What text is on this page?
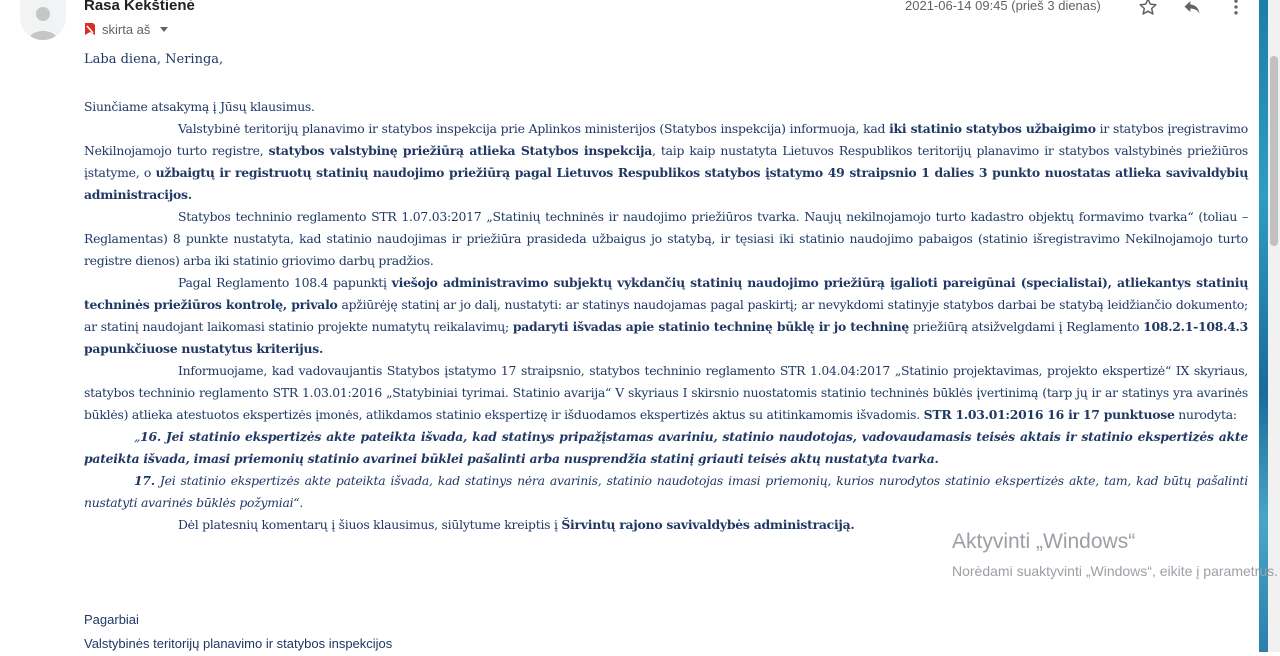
Rasa Kekštienė
skirta aš
2021-06-14 09:45 (prieš 3 dienas)
Laba diena, Neringa,

Siunčiame atsakymą į Jūsų klausimus.

Valstybinė teritorijų planavimo ir statybos inspekcija prie Aplinkos ministerijos (Statybos inspekcija) informuoja, kad iki statinio statybos užbaigimo ir statybos įregistravimo Nekilnojamojo turto registre, statybos valstybinę priežiūrą atlieka Statybos inspekcija, taip kaip nustatyta Lietuvos Respublikos teritorijų planavimo ir statybos valstybinės priežiūros įstatyme, o užbaigtų ir registruotų statinių naudojimo priežiūrą pagal Lietuvos Respublikos statybos įstatymo 49 straipsnio 1 dalies 3 punkto nuostatas atlieka savivaldybių administracijos.

Statybos techninio reglamento STR 1.07.03:2017 „Statinių techninės ir naudojimo priežiūros tvarka. Naujų nekilnojamojo turto kadastro objektų formavimo tvarka“ (toliau – Reglamentas) 8 punkte nustatyta, kad statinio naudojimas ir priežiūra prasideda užbaigus jo statybą, ir tęsiasi iki statinio naudojimo pabaigos (statinio išregistravimo Nekilnojamojo turto registre dienos) arba iki statinio griovimo darbų pradžios.

Pagal Reglamento 108.4 papunktį viešojo administravimo subjektų vykdančių statinių naudojimo priežiūrą įgalioti pareigūnai (specialistai), atliekantys statinių techninės priežiūros kontrolę, privalo apžiūrėję statinį ar jo dalį, nustatyti: ar statinys naudojamas pagal paskirtį; ar nevykdomi statinyje statybos darbai be statybą leidžiančio dokumento; ar statinį naudojant laikomasi statinio projekte numatytų reikalavimų; padaryti išvadas apie statinio techninę būklę ir jo techninę priežiūrą atsižvelgdami į Reglamento 108.2.1-108.4.3 papunkčiuose nustatytus kriterijus.

Informuojame, kad vadovaujantis Statybos įstatymo 17 straipsnio, statybos techninio reglamento STR 1.04.04:2017 „Statinio projektavimas, projekto ekspertizė“ IX skyriaus, statybos techninio reglamento STR 1.03.01:2016 „Statybiniai tyrimai. Statinio avarija“ V skyriaus I skirsnio nuostatomis statinio techninės būklės įvertinimą (tarp jų ir ar statinys yra avarinės būklės) atlieka atestuotos ekspertizės įmonės, atlikdamos statinio ekspertizę ir išduodamos ekspertizės aktus su atitinkamomis išvadomis. STR 1.03.01:2016 16 ir 17 punktuose nurodyta:

„16. Jei statinio ekspertizės akte pateikta išvada, kad statinys pripažįstamas avariniu, statinio naudotojas, vadovaudamasis teisės aktais ir statinio ekspertizės akte pateikta išvada, imasi priemonių statinio avarinei būklei pašalinti arba nusprendžia statinį griauti teisės aktų nustatyta tvarka.

17. Jei statinio ekspertizės akte pateikta išvada, kad statinys nėra avarinis, statinio naudotojas imasi priemonių, kurios nurodytos statinio ekspertizės akte, tam, kad būtų pašalinti nustatyti avarinės būklės požymiai“.

Dėl platesnių komentarų į šiuos klausimus, siūlytume kreiptis į Širvintų rajono savivaldybės administraciją.

Aktyvinti „Windows“
Norėdami suaktyvinti „Windows“, eikite į parametrus.
Pagarbiai
Valstybinės teritorijų planavimo ir statybos inspekcijos
